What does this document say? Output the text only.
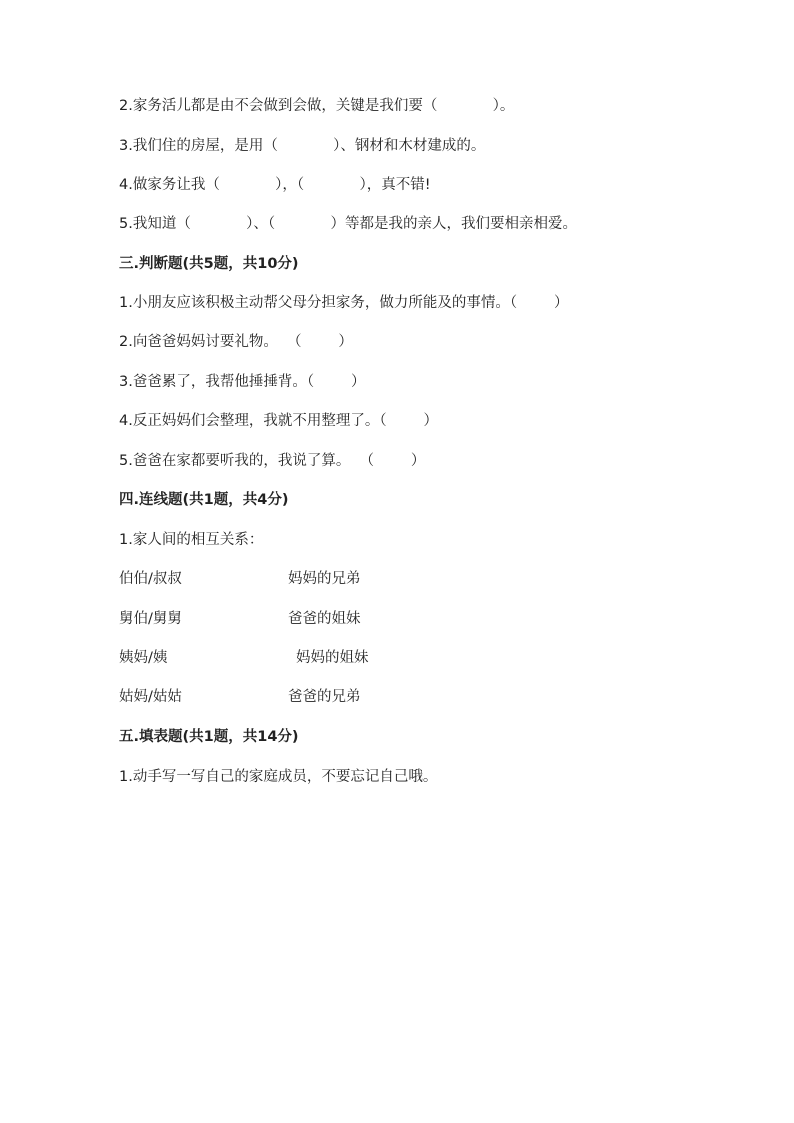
2.家务活儿都是由不会做到会做，关键是我们要（            ）。

3.我们住的房屋，是用（            ）、钢材和木材建成的。

4.做家务让我（            ），（            ），真不错!

5.我知道（            ）、（            ）等都是我的亲人，我们要相亲相爱。

三.判断题(共5题，共10分)

1.小朋友应该积极主动帮父母分担家务，做力所能及的事情。（        ）

2.向爸爸妈妈讨要礼物。  （        ）

3.爸爸累了，我帮他捶捶背。（        ）

4.反正妈妈们会整理，我就不用整理了。（        ）

5.爸爸在家都要听我的，我说了算。  （        ）

四.连线题(共1题，共4分)

1.家人间的相互关系：

伯伯/叔叔	妈妈的兄弟
舅伯/舅舅	爸爸的姐妹
姨妈/姨	妈妈的姐妹
姑妈/姑姑	爸爸的兄弟

五.填表题(共1题，共14分)

1.动手写一写自己的家庭成员，不要忘记自己哦。
